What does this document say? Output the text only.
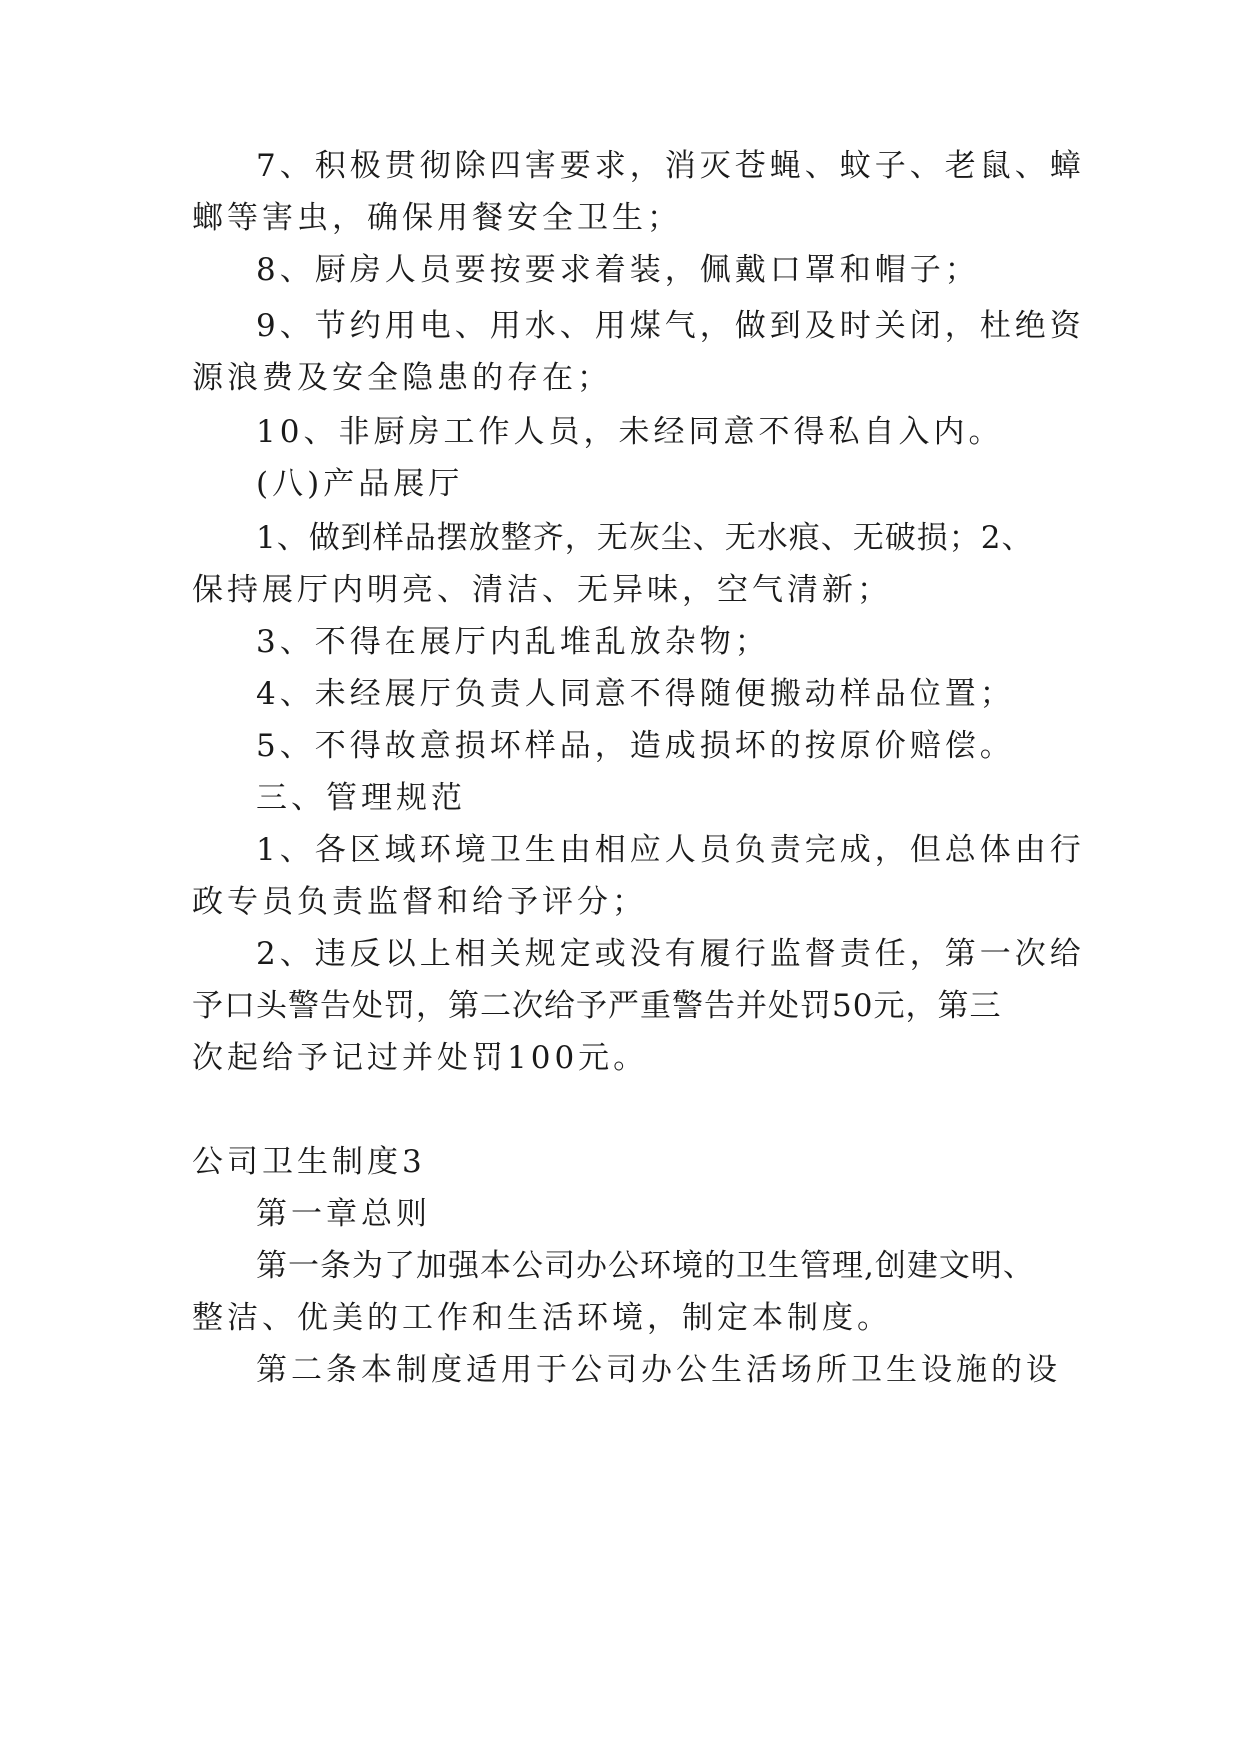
7、积极贯彻除四害要求，消灭苍蝇、蚊子、老鼠、蟑
螂等害虫，确保用餐安全卫生；
8、厨房人员要按要求着装，佩戴口罩和帽子；
9、节约用电、用水、用煤气，做到及时关闭，杜绝资
源浪费及安全隐患的存在；
10、非厨房工作人员，未经同意不得私自入内。
(八)产品展厅
1、做到样品摆放整齐，无灰尘、无水痕、无破损；2、
保持展厅内明亮、清洁、无异味，空气清新；
3、不得在展厅内乱堆乱放杂物；
4、未经展厅负责人同意不得随便搬动样品位置；
5、不得故意损坏样品，造成损坏的按原价赔偿。
三、管理规范
1、各区域环境卫生由相应人员负责完成，但总体由行
政专员负责监督和给予评分；
2、违反以上相关规定或没有履行监督责任，第一次给
予口头警告处罚，第二次给予严重警告并处罚50元，第三
次起给予记过并处罚100元。
公司卫生制度3
第一章总则
第一条为了加强本公司办公环境的卫生管理,创建文明、
整洁、优美的工作和生活环境，制定本制度。
第二条本制度适用于公司办公生活场所卫生设施的设
